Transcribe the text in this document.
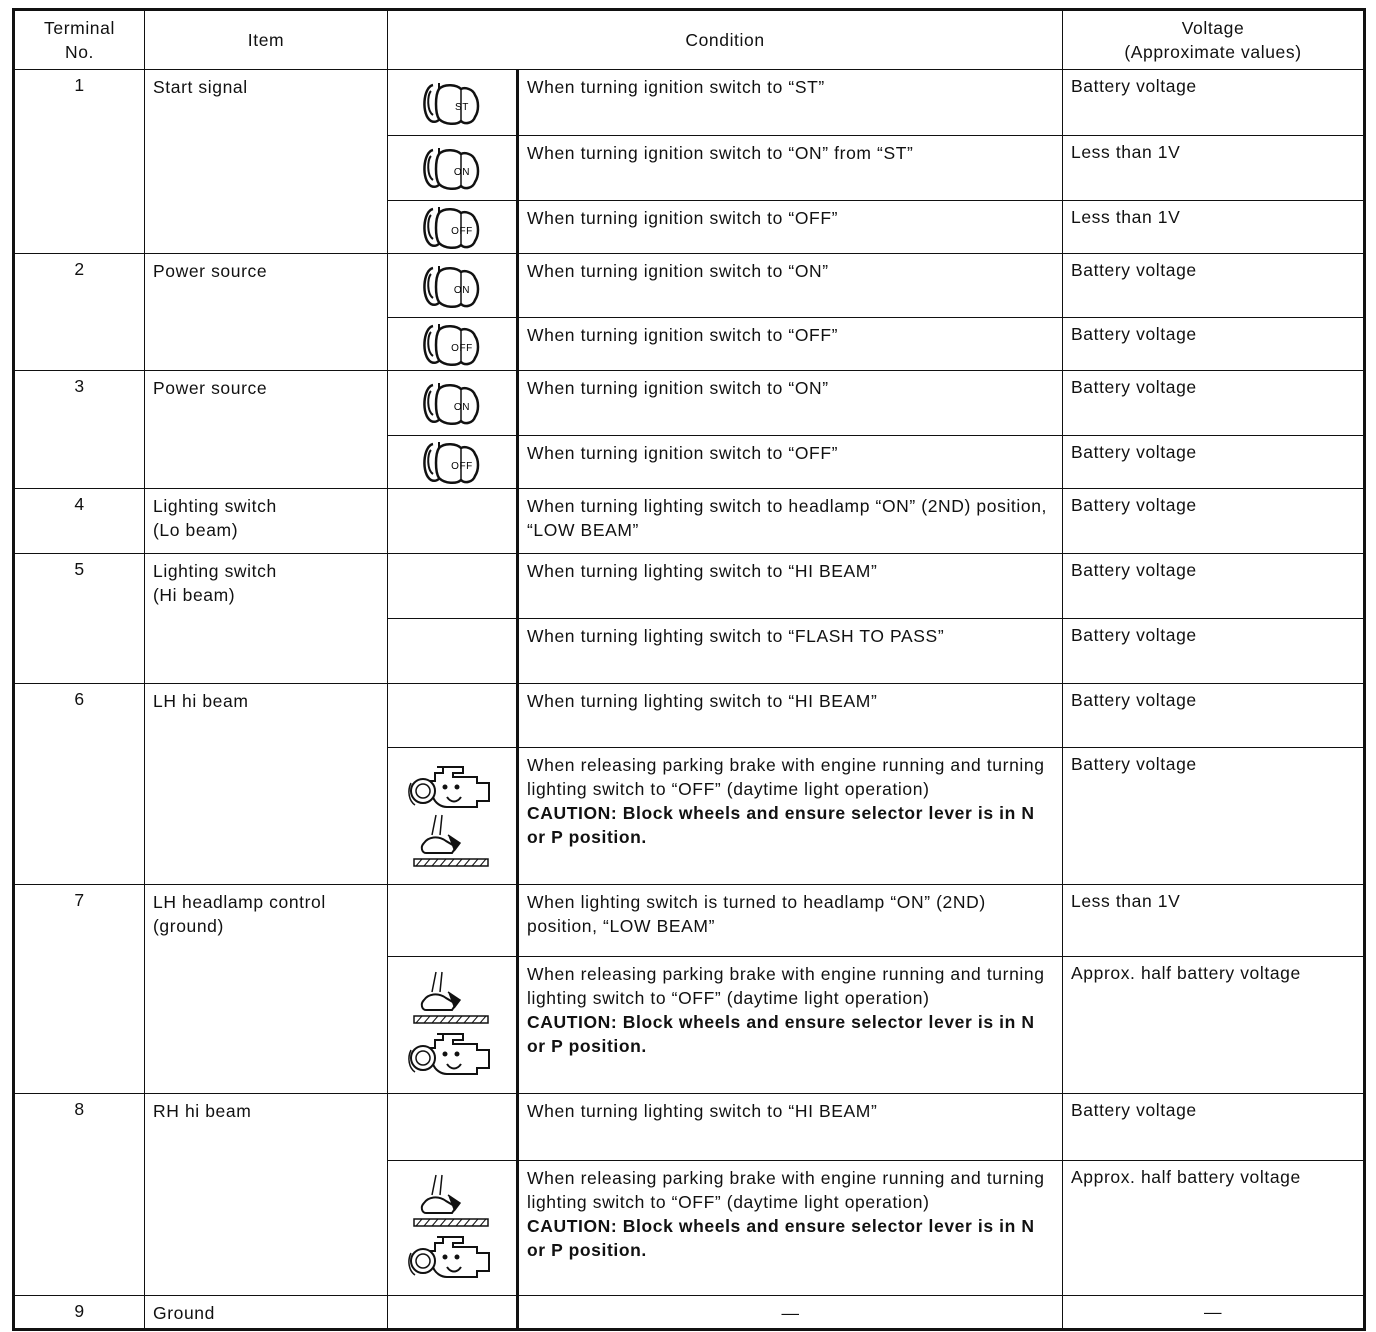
Terminal
No.	Item	Condition		Voltage
(Approximate values)
1	Start signal	ST	When turning ignition switch to “ST”	Battery voltage

ON	When turning ignition switch to “ON” from “ST”	Less than 1V

OFF	When turning ignition switch to “OFF”	Less than 1V
2	Power source	ON	When turning ignition switch to “ON”	Battery voltage

OFF	When turning ignition switch to “OFF”	Battery voltage
3	Power source	ON	When turning ignition switch to “ON”	Battery voltage

OFF	When turning ignition switch to “OFF”	Battery voltage
4	Lighting switch
(Lo beam)		When turning lighting switch to headlamp “ON” (2ND) position, “LOW BEAM”	Battery voltage
5	Lighting switch
(Hi beam)		When turning lighting switch to “HI BEAM”	Battery voltage
			When turning lighting switch to “FLASH TO PASS”	Battery voltage
6	LH hi beam		When turning lighting switch to “HI BEAM”	Battery voltage

	When releasing parking brake with engine running and turning lighting switch to “OFF” (daytime light operation)
CAUTION: Block wheels and ensure selector lever is in N or P position.	Battery voltage
7	LH headlamp control
(ground)		When lighting switch is turned to headlamp “ON” (2ND) position, “LOW BEAM”	Less than 1V

	When releasing parking brake with engine running and turning lighting switch to “OFF” (daytime light operation)
CAUTION: Block wheels and ensure selector lever is in N or P position.	Approx. half battery voltage
8	RH hi beam		When turning lighting switch to “HI BEAM”	Battery voltage

	When releasing parking brake with engine running and turning lighting switch to “OFF” (daytime light operation)
CAUTION: Block wheels and ensure selector lever is in N or P position.	Approx. half battery voltage
9	Ground		—	—
